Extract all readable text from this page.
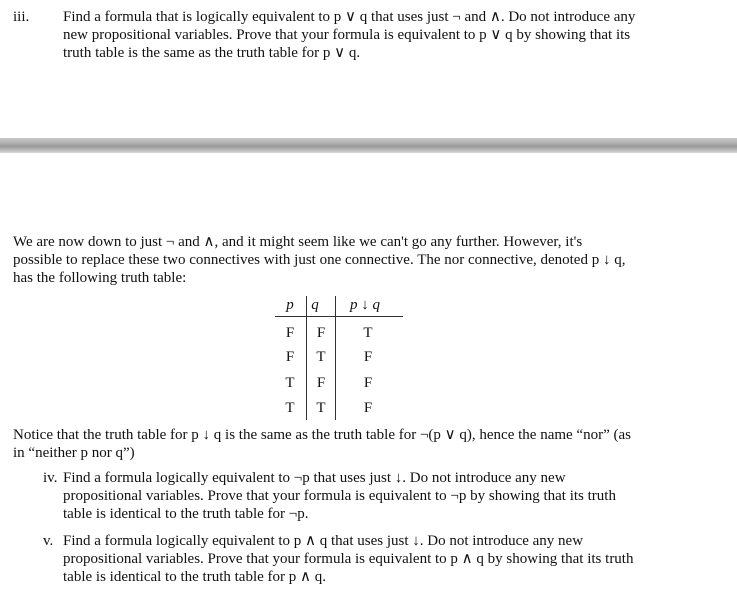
iii.	Find a formula that is logically equivalent to p ∨ q that uses just ¬ and ∧. Do not introduce any

new propositional variables. Prove that your formula is equivalent to p ∨ q by showing that its

truth table is the same as the truth table for p ∨ q.

We are now down to just ¬ and ∧, and it might seem like we can't go any further. However, it's

possible to replace these two connectives with just one connective. The nor connective, denoted p ↓ q,

has the following truth table:

p	q	p ↓ q
F	F	T
F	T	F
T	F	F
T	T	F

Notice that the truth table for p ↓ q is the same as the truth table for ¬(p ∨ q), hence the name “nor” (as

in “neither p nor q”)

iv. Find a formula logically equivalent to ¬p that uses just ↓. Do not introduce any new

propositional variables. Prove that your formula is equivalent to ¬p by showing that its truth

table is identical to the truth table for ¬p.

v. Find a formula logically equivalent to p ∧ q that uses just ↓. Do not introduce any new

propositional variables. Prove that your formula is equivalent to p ∧ q by showing that its truth

table is identical to the truth table for p ∧ q.
